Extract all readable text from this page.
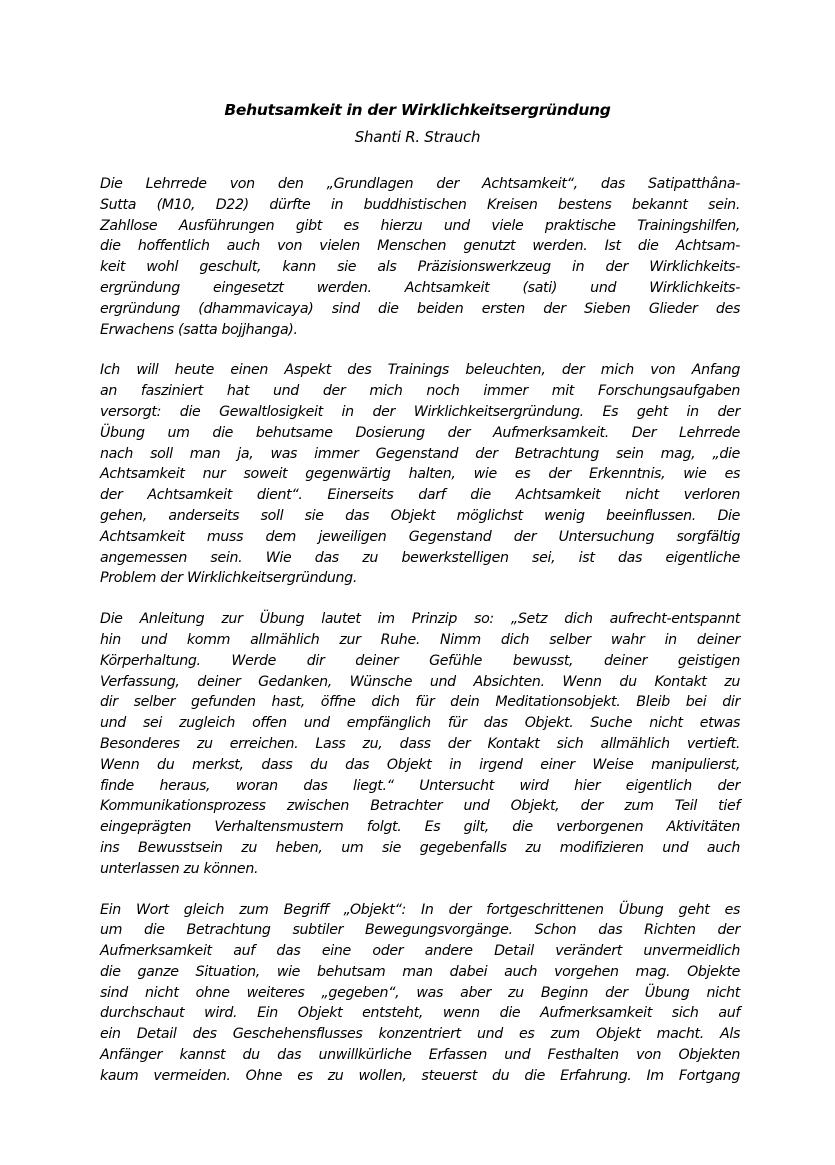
Behutsamkeit in der Wirklichkeitsergründung
Shanti R. Strauch
Die Lehrrede von den „Grundlagen der Achtsamkeit“, das Satipatthâna-
Sutta (M10, D22) dürfte in buddhistischen Kreisen bestens bekannt sein.
Zahllose Ausführungen gibt es hierzu und viele praktische Trainingshilfen,
die hoffentlich auch von vielen Menschen genutzt werden. Ist die Achtsam-
keit wohl geschult, kann sie als Präzisionswerkzeug in der Wirklichkeits-
ergründung eingesetzt werden. Achtsamkeit (sati) und Wirklichkeits-
ergründung (dhammavicaya) sind die beiden ersten der Sieben Glieder des
Erwachens (satta bojjhanga).
Ich will heute einen Aspekt des Trainings beleuchten, der mich von Anfang
an fasziniert hat und der mich noch immer mit Forschungsaufgaben
versorgt: die Gewaltlosigkeit in der Wirklichkeitsergründung. Es geht in der
Übung um die behutsame Dosierung der Aufmerksamkeit. Der Lehrrede
nach soll man ja, was immer Gegenstand der Betrachtung sein mag, „die
Achtsamkeit nur soweit gegenwärtig halten, wie es der Erkenntnis, wie es
der Achtsamkeit dient“. Einerseits darf die Achtsamkeit nicht verloren
gehen, anderseits soll sie das Objekt möglichst wenig beeinflussen. Die
Achtsamkeit muss dem jeweiligen Gegenstand der Untersuchung sorgfältig
angemessen sein. Wie das zu bewerkstelligen sei, ist das eigentliche
Problem der Wirklichkeitsergründung.
Die Anleitung zur Übung lautet im Prinzip so: „Setz dich aufrecht-entspannt
hin und komm allmählich zur Ruhe. Nimm dich selber wahr in deiner
Körperhaltung. Werde dir deiner Gefühle bewusst, deiner geistigen
Verfassung, deiner Gedanken, Wünsche und Absichten. Wenn du Kontakt zu
dir selber gefunden hast, öffne dich für dein Meditationsobjekt. Bleib bei dir
und sei zugleich offen und empfänglich für das Objekt. Suche nicht etwas
Besonderes zu erreichen. Lass zu, dass der Kontakt sich allmählich vertieft.
Wenn du merkst, dass du das Objekt in irgend einer Weise manipulierst,
finde heraus, woran das liegt.“ Untersucht wird hier eigentlich der
Kommunikationsprozess zwischen Betrachter und Objekt, der zum Teil tief
eingeprägten Verhaltensmustern folgt. Es gilt, die verborgenen Aktivitäten
ins Bewusstsein zu heben, um sie gegebenfalls zu modifizieren und auch
unterlassen zu können.
Ein Wort gleich zum Begriff „Objekt“: In der fortgeschrittenen Übung geht es
um die Betrachtung subtiler Bewegungsvorgänge. Schon das Richten der
Aufmerksamkeit auf das eine oder andere Detail verändert unvermeidlich
die ganze Situation, wie behutsam man dabei auch vorgehen mag. Objekte
sind nicht ohne weiteres „gegeben“, was aber zu Beginn der Übung nicht
durchschaut wird. Ein Objekt entsteht, wenn die Aufmerksamkeit sich auf
ein Detail des Geschehensflusses konzentriert und es zum Objekt macht. Als
Anfänger kannst du das unwillkürliche Erfassen und Festhalten von Objekten
kaum vermeiden. Ohne es zu wollen, steuerst du die Erfahrung. Im Fortgang
